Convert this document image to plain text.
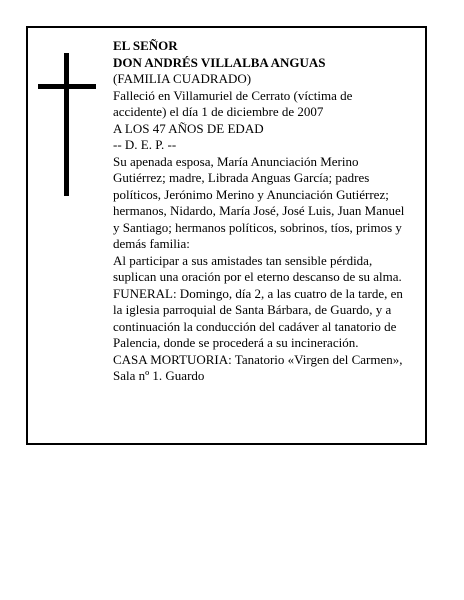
EL SEÑOR
DON ANDRÉS VILLALBA ANGUAS
(FAMILIA CUADRADO)
Falleció en Villamuriel de Cerrato (víctima de
accidente) el día 1 de diciembre de 2007
A LOS 47 AÑOS DE EDAD
-- D. E. P. --
Su apenada esposa, María Anunciación Merino
Gutiérrez; madre, Librada Anguas García; padres
políticos, Jerónimo Merino y Anunciación Gutiérrez;
hermanos, Nidardo, María José, José Luis, Juan Manuel
y Santiago; hermanos políticos, sobrinos, tíos, primos y
demás familia:
Al participar a sus amistades tan sensible pérdida,
suplican una oración por el eterno descanso de su alma.
FUNERAL: Domingo, día 2, a las cuatro de la tarde, en
la iglesia parroquial de Santa Bárbara, de Guardo, y a
continuación la conducción del cadáver al tanatorio de
Palencia, donde se procederá a su incineración.
CASA MORTUORIA: Tanatorio «Virgen del Carmen»,
Sala nº 1. Guardo
